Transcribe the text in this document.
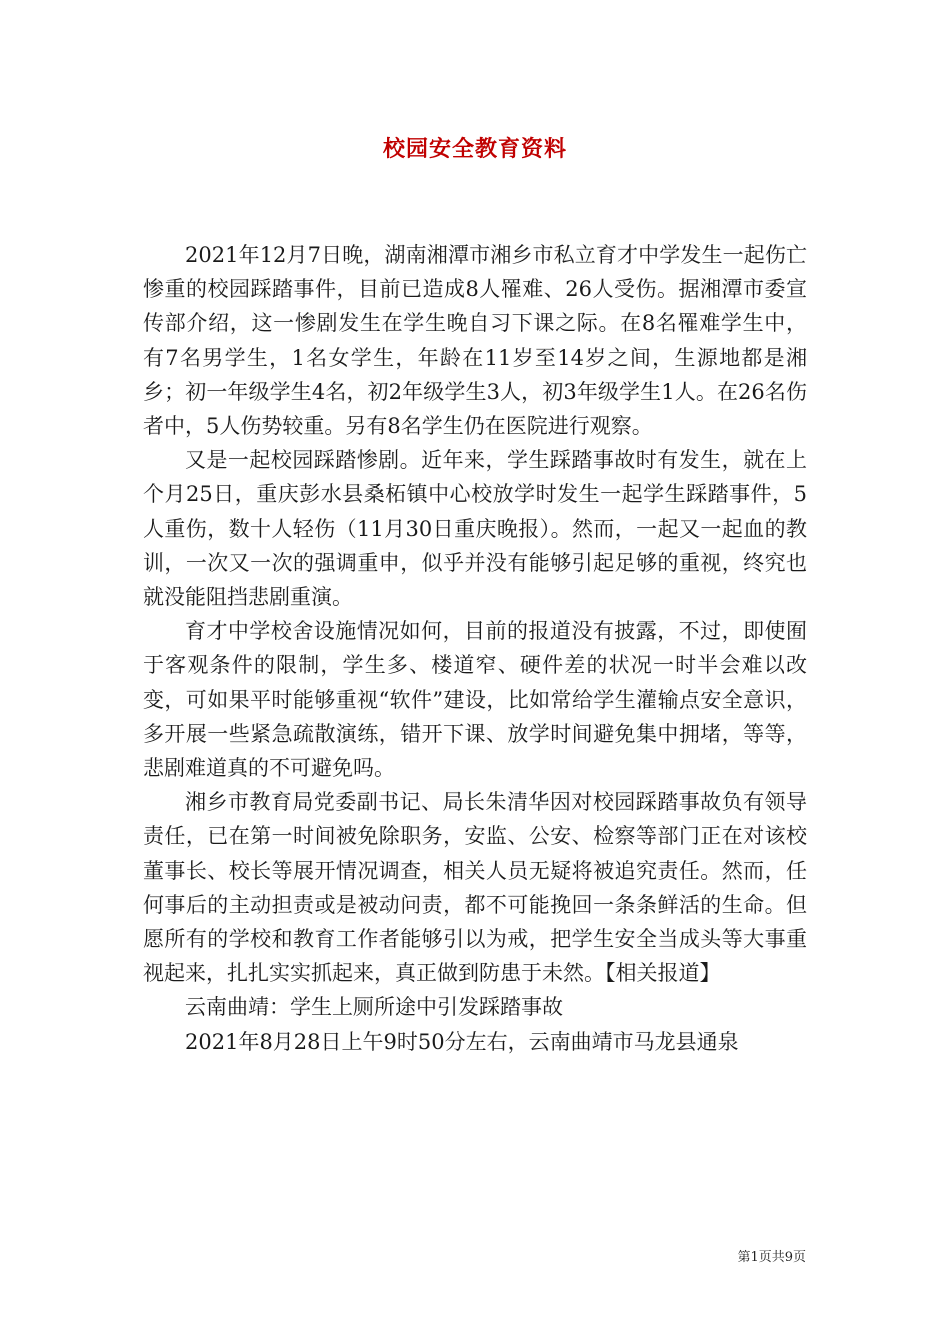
校园安全教育资料

2021年12月7日晚，湖南湘潭市湘乡市私立育才中学发生一起伤亡惨重的校园踩踏事件，目前已造成8人罹难、26人受伤。据湘潭市委宣传部介绍，这一惨剧发生在学生晚自习下课之际。在8名罹难学生中，有7名男学生，1名女学生，年龄在11岁至14岁之间，生源地都是湘乡；初一年级学生4名，初2年级学生3人，初3年级学生1人。在26名伤者中，5人伤势较重。另有8名学生仍在医院进行观察。

又是一起校园踩踏惨剧。近年来，学生踩踏事故时有发生，就在上个月25日，重庆彭水县桑柘镇中心校放学时发生一起学生踩踏事件，5人重伤，数十人轻伤（11月30日重庆晚报）。然而，一起又一起血的教训，一次又一次的强调重申，似乎并没有能够引起足够的重视，终究也就没能阻挡悲剧重演。

育才中学校舍设施情况如何，目前的报道没有披露，不过，即使囿于客观条件的限制，学生多、楼道窄、硬件差的状况一时半会难以改变，可如果平时能够重视“软件”建设，比如常给学生灌输点安全意识，多开展一些紧急疏散演练，错开下课、放学时间避免集中拥堵，等等，悲剧难道真的不可避免吗。

湘乡市教育局党委副书记、局长朱清华因对校园踩踏事故负有领导责任，已在第一时间被免除职务，安监、公安、检察等部门正在对该校董事长、校长等展开情况调查，相关人员无疑将被追究责任。然而，任何事后的主动担责或是被动问责，都不可能挽回一条条鲜活的生命。但愿所有的学校和教育工作者能够引以为戒，把学生安全当成头等大事重视起来，扎扎实实抓起来，真正做到防患于未然。【相关报道】

云南曲靖：学生上厕所途中引发踩踏事故

2021年8月28日上午9时50分左右，云南曲靖市马龙县通泉

第1页共9页
